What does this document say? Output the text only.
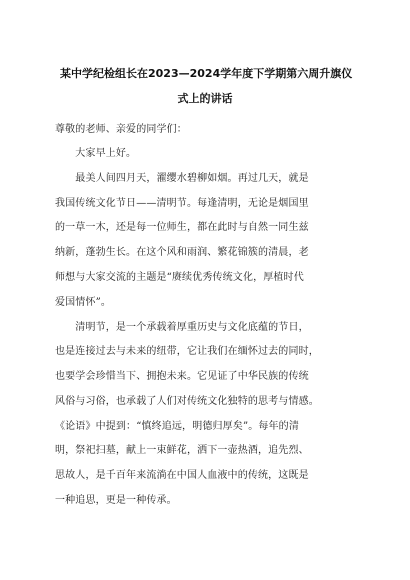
某中学纪检组长在2023—2024学年度下学期第六周升旗仪
式上的讲话
尊敬的老师、亲爱的同学们：
　　大家早上好。
　　最美人间四月天，濯缨水碧柳如烟。再过几天，就是
我国传统文化节日——清明节。每逢清明，无论是烟国里
的一草一木，还是每一位师生，都在此时与自然一同生兹
纳新，蓬勃生长。在这个风和雨润、繁花锦簇的清晨，老
师想与大家交流的主题是“赓续优秀传统文化，厚植时代
爱国情怀”。
　　清明节，是一个承载着厚重历史与文化底蕴的节日，
也是连接过去与未来的纽带，它让我们在缅怀过去的同时，
也要学会珍惜当下、拥抱未来。它见证了中华民族的传统
风俗与习俗，也承载了人们对传统文化独特的思考与情感。
《论语》中提到：“慎终追远，明德归厚矣”。每年的清
明，祭祀扫墓，献上一束鲜花，洒下一壶热酒，追先烈、
思故人，是千百年来流淌在中国人血液中的传统，这既是
一种追思，更是一种传承。
